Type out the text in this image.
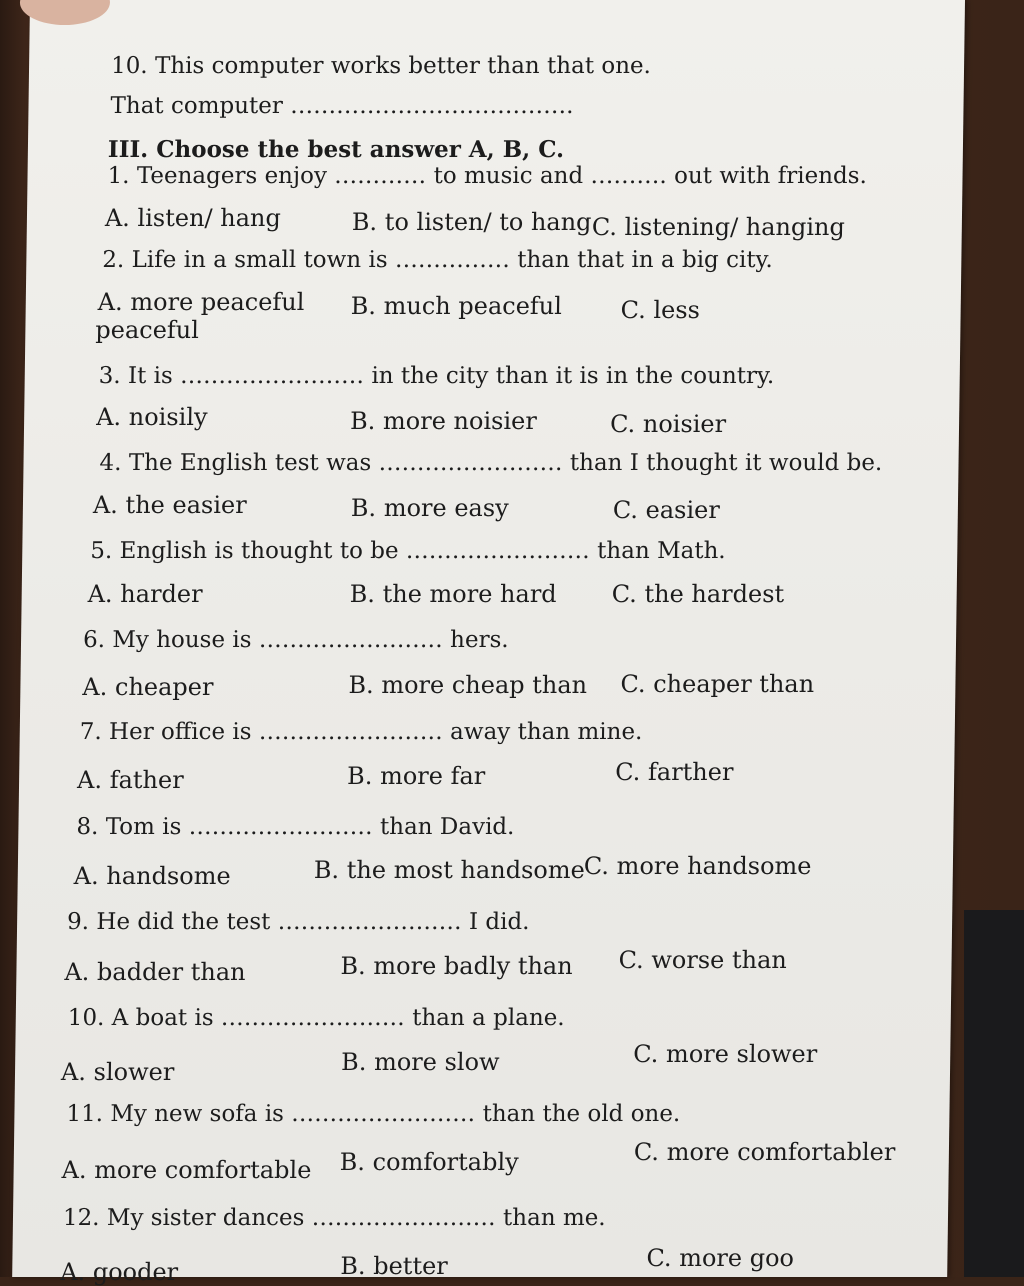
10. This computer works better than that one.
That computer ……………………………….
III. Choose the best answer A, B, C.
1. Teenagers enjoy ………… to music and ………. out with friends.
A. listen/ hang	B. to listen/ to hang C. listening/ hanging
2. Life in a small town is …………… than that in a big city.
A. more peaceful
peaceful
B. much peaceful C. less
3. It is …………………… in the city than it is in the country.
A. noisily	B. more noisier	C. noisier
4. The English test was …………………… than I thought it would be.
A. the easier	B. more easy	C. easier
5. English is thought to be …………………… than Math.
A. harder	B. the more hard C. the hardest
6. My house is …………………… hers.
A. cheaper	B. more cheap than C. cheaper than
7. Her office is …………………… away than mine.
A. father	B. more far	C. farther
8. Tom is …………………… than David.
A. handsome	B. the most handsome
C. more handsome
9. He did the test …………………… I did.
A. badder than	B. more badly than C. worse than
10. A boat is …………………… than a plane.
A. slower	B. more slow	C. more slower
11. My new sofa is …………………… than the old one.
A. more comfortable B. comfortably	C. more comfortabler
12. My sister dances …………………… than me.
A. gooder	B. better	C. more goo
